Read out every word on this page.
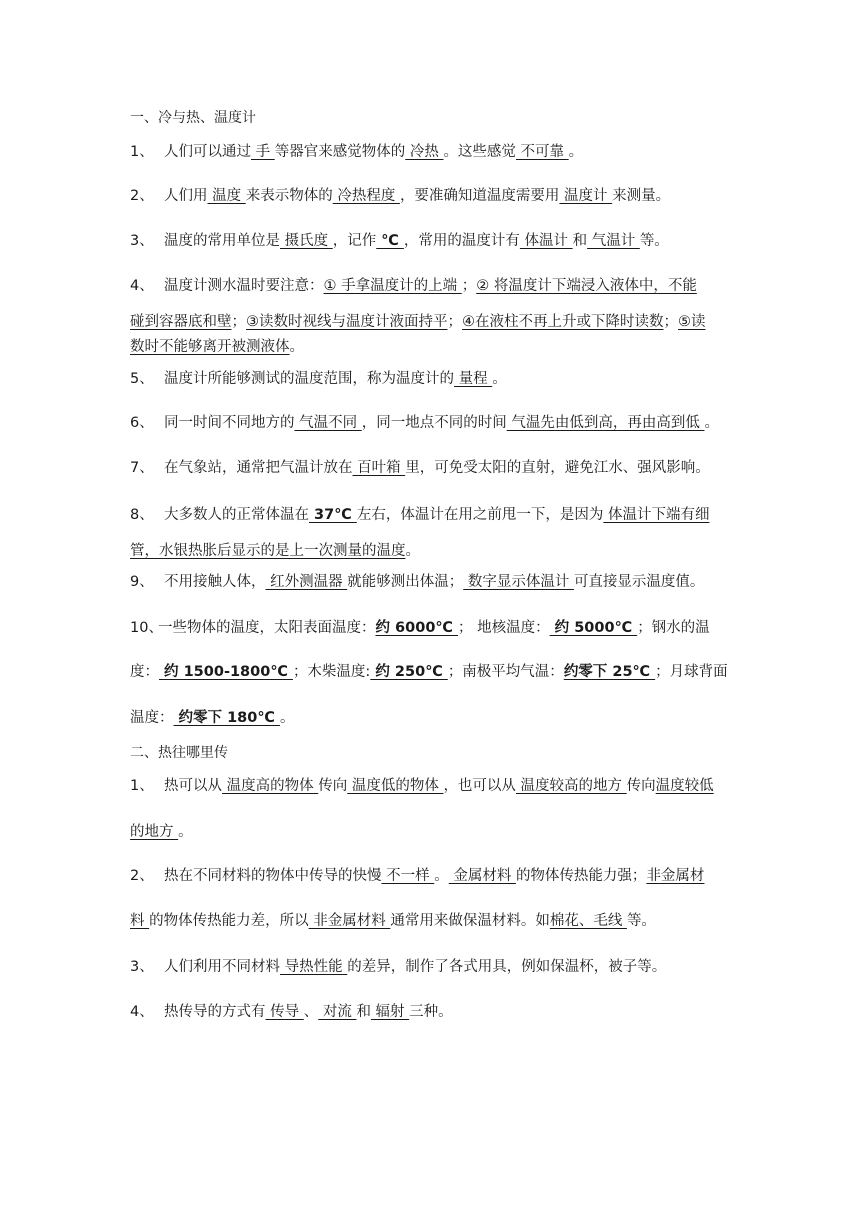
一、冷与热、温度计
1、 人们可以通过 手 等器官来感觉物体的 冷热 。这些感觉 不可靠 。
2、 人们用 温度 来表示物体的 冷热程度 ，要准确知道温度需要用 温度计 来测量。
3、 温度的常用单位是 摄氏度 ，记作 ℃ ，常用的温度计有 体温计 和 气温计 等。
4、 温度计测水温时要注意：① 手拿温度计的上端 ；② 将温度计下端浸入液体中，不能
碰到容器底和壁；③读数时视线与温度计液面持平；④在液柱不再上升或下降时读数；⑤读
数时不能够离开被测液体。
5、 温度计所能够测试的温度范围，称为温度计的 量程 。
6、 同一时间不同地方的 气温不同 ，同一地点不同的时间 气温先由低到高，再由高到低 。
7、 在气象站，通常把气温计放在 百叶箱 里，可免受太阳的直射，避免江水、强风影响。
8、 大多数人的正常体温在 37℃ 左右，体温计在用之前甩一下，是因为 体温计下端有细
管，水银热胀后显示的是上一次测量的温度。
9、 不用接触人体， 红外测温器 就能够测出体温； 数字显示体温计 可直接显示温度值。
10、一些物体的温度，太阳表面温度：约 6000℃ ； 地核温度： 约 5000℃ ；钢水的温
度： 约 1500-1800℃ ；木柴温度: 约 250℃ ；南极平均气温：约零下 25℃ ；月球背面
温度： 约零下 180℃ 。
二、热往哪里传
1、 热可以从 温度高的物体 传向 温度低的物体 ，也可以从 温度较高的地方 传向温度较低
的地方 。
2、 热在不同材料的物体中传导的快慢 不一样 。 金属材料 的物体传热能力强；非金属材
料 的物体传热能力差，所以 非金属材料 通常用来做保温材料。如棉花、毛线 等。
3、 人们利用不同材料 导热性能 的差异，制作了各式用具，例如保温杯，被子等。
4、 热传导的方式有 传导 、 对流 和 辐射 三种。
